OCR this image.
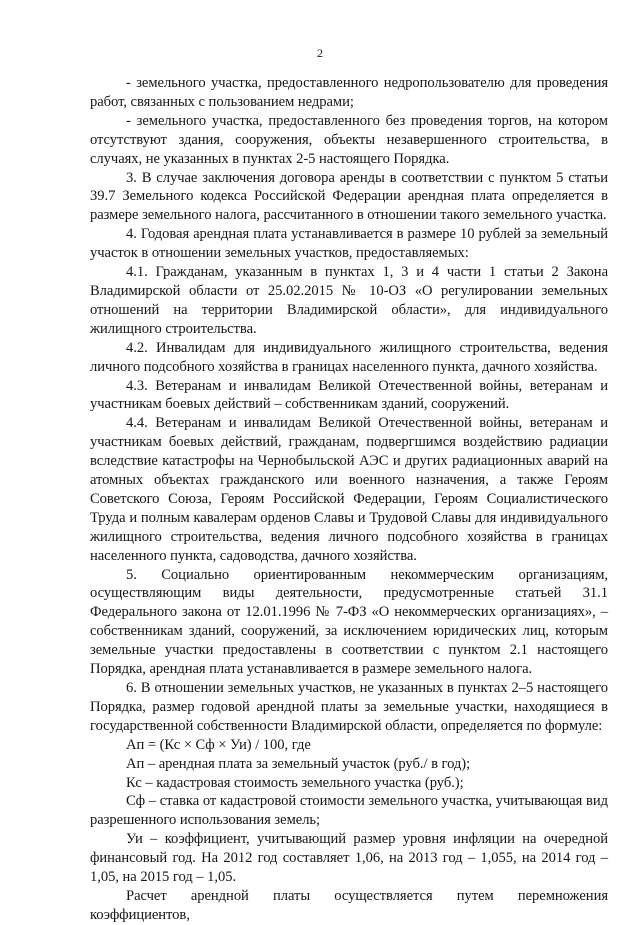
2

- земельного участка, предоставленного недропользователю для проведения работ, связанных с пользованием недрами;

- земельного участка, предоставленного без проведения торгов, на котором отсутствуют здания, сооружения, объекты незавершенного строительства, в случаях, не указанных в пунктах 2-5 настоящего Порядка.

3. В случае заключения договора аренды в соответствии с пунктом 5 статьи 39.7 Земельного кодекса Российской Федерации арендная плата определяется в размере земельного налога, рассчитанного в отношении такого земельного участка.

4. Годовая арендная плата устанавливается в размере 10 рублей за земельный участок в отношении земельных участков, предоставляемых:

4.1. Гражданам, указанным в пунктах 1, 3 и 4 части 1 статьи 2 Закона Владимирской области от 25.02.2015 № 10-ОЗ «О регулировании земельных отношений на территории Владимирской области», для индивидуального жилищного строительства.

4.2. Инвалидам для индивидуального жилищного строительства, ведения личного подсобного хозяйства в границах населенного пункта, дачного хозяйства.

4.3. Ветеранам и инвалидам Великой Отечественной войны, ветеранам и участникам боевых действий – собственникам зданий, сооружений.

4.4. Ветеранам и инвалидам Великой Отечественной войны, ветеранам и участникам боевых действий, гражданам, подвергшимся воздействию радиации вследствие катастрофы на Чернобыльской АЭС и других радиационных аварий на атомных объектах гражданского или военного назначения, а также Героям Советского Союза, Героям Российской Федерации, Героям Социалистического Труда и полным кавалерам орденов Славы и Трудовой Славы для индивидуального жилищного строительства, ведения личного подсобного хозяйства в границах населенного пункта, садоводства, дачного хозяйства.

5. Социально ориентированным некоммерческим организациям, осуществляющим виды деятельности, предусмотренные статьей 31.1 Федерального закона от 12.01.1996 № 7-ФЗ «О некоммерческих организациях», – собственникам зданий, сооружений, за исключением юридических лиц, которым земельные участки предоставлены в соответствии с пунктом 2.1 настоящего Порядка, арендная плата устанавливается в размере земельного налога.

6. В отношении земельных участков, не указанных в пунктах 2–5 настоящего Порядка, размер годовой арендной платы за земельные участки, находящиеся в государственной собственности Владимирской области, определяется по формуле:

Ап = (Кс × Сф × Уи) / 100, где

Ап – арендная плата за земельный участок (руб./ в год);

Кс – кадастровая стоимость земельного участка (руб.);

Сф – ставка от кадастровой стоимости земельного участка, учитывающая вид разрешенного использования земель;

Уи – коэффициент, учитывающий размер уровня инфляции на очередной финансовый год. На 2012 год составляет 1,06, на 2013 год – 1,055, на 2014 год – 1,05, на 2015 год – 1,05.

Расчет арендной платы осуществляется путем перемножения коэффициентов,
